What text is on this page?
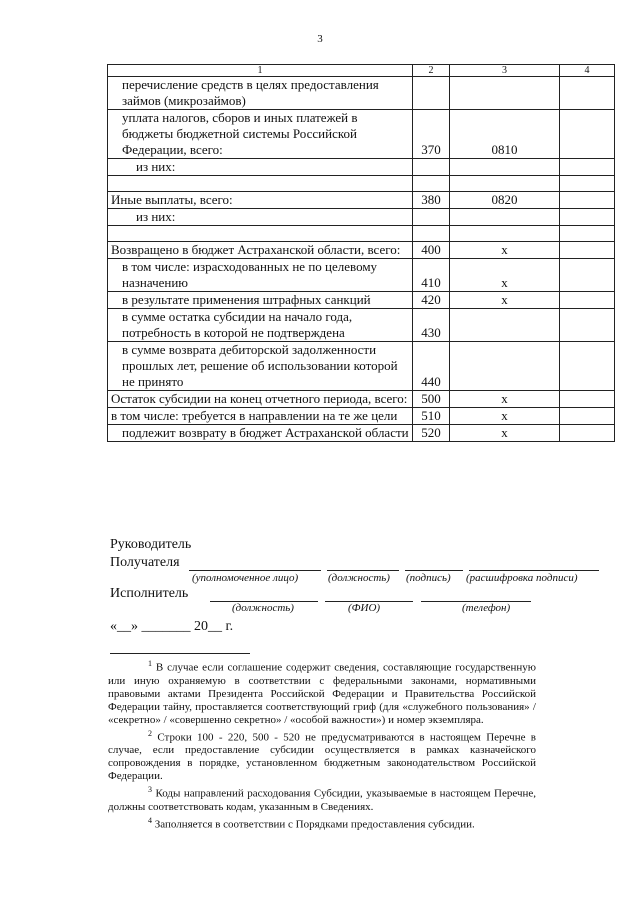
3
1	2	3	4
перечисление средств в целях предоставления займов (микрозаймов)			
уплата налогов, сборов и иных платежей в бюджеты бюджетной системы Российской Федерации, всего:	370	0810	
из них:			

Иные выплаты, всего:	380	0820	
из них:			

Возвращено в бюджет Астраханской области, всего:	400	x	
в том числе: израсходованных не по целевому назначению	410	x	
в результате применения штрафных санкций	420	x	
в сумме остатка субсидии на начало года, потребность в которой не подтверждена	430		
в сумме возврата дебиторской задолженности прошлых лет, решение об использовании которой не принято	440		
Остаток субсидии на конец отчетного периода, всего:	500	x	
в том числе: требуется в направлении на те же цели	510	x	
подлежит возврату в бюджет Астраханской области	520	x	
Руководитель
Получателя
(уполномоченное лицо)	(должность) (подпись) (расшифровка подписи)
Исполнитель
(должность)	(ФИО)	(телефон)
«__» _______ 20__ г.

$^1$ В случае если соглашение содержит сведения, составляющие государственную или иную охраняемую в соответствии с федеральными законами, нормативными правовыми актами Президента Российской Федерации и Правительства Российской Федерации тайну, проставляется соответствующий гриф (для «служебного пользования» / «секретно» / «совершенно секретно» / «особой важности») и номер экземпляра.

$^2$ Строки 100 - 220, 500 - 520 не предусматриваются в настоящем Перечне в случае, если предоставление субсидии осуществляется в рамках казначейского сопровождения в порядке, установленном бюджетным законодательством Российской Федерации.

$^3$ Коды направлений расходования Субсидии, указываемые в настоящем Перечне, должны соответствовать кодам, указанным в Сведениях.

$^4$ Заполняется в соответствии с Порядками предоставления субсидии.
